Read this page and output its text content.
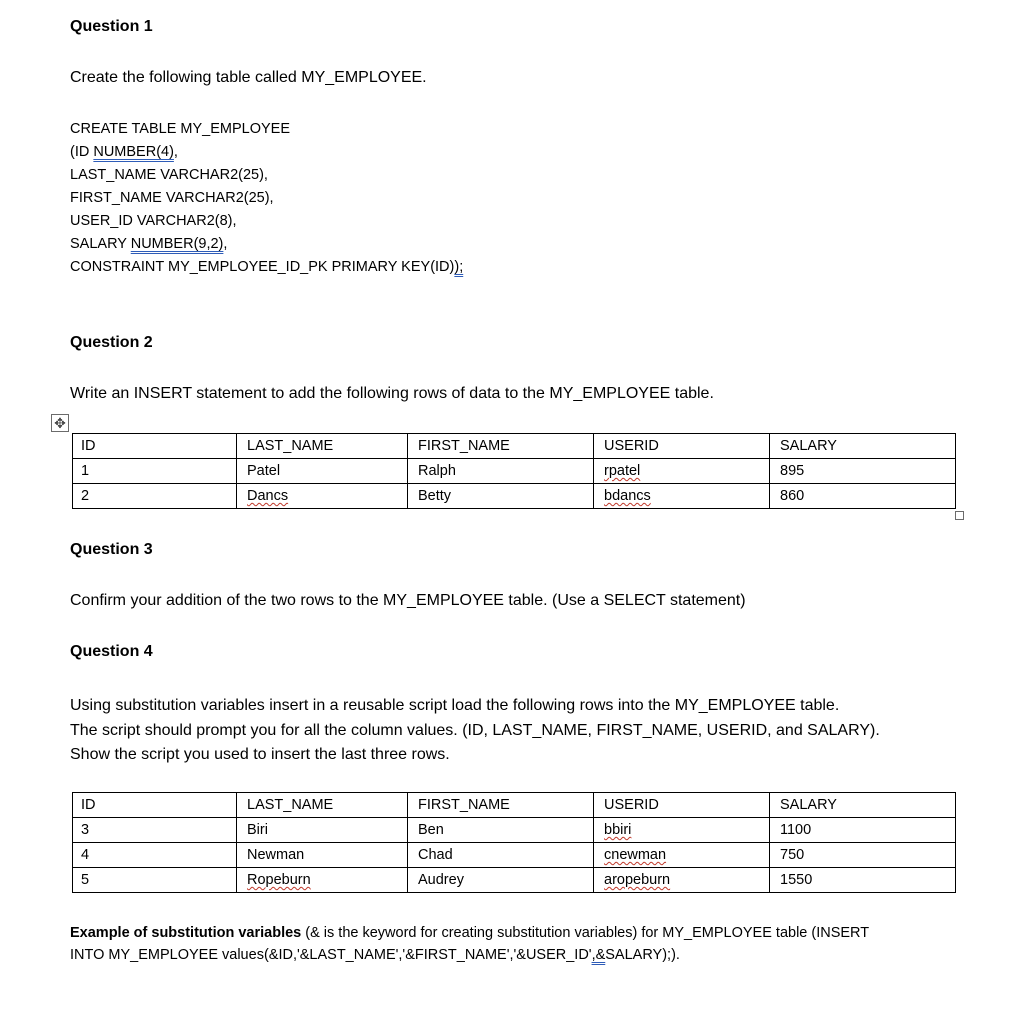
Question 1
Create the following table called MY_EMPLOYEE.
CREATE TABLE MY_EMPLOYEE
(ID NUMBER(4),
LAST_NAME VARCHAR2(25),
FIRST_NAME VARCHAR2(25),
USER_ID VARCHAR2(8),
SALARY NUMBER(9,2),
CONSTRAINT MY_EMPLOYEE_ID_PK PRIMARY KEY(ID));
Question 2
Write an INSERT statement to add the following rows of data to the MY_EMPLOYEE table.
✥
ID	LAST_NAME	FIRST_NAME	USERID	SALARY
1	Patel	Ralph	rpatel	895
2	Dancs	Betty	bdancs	860
Question 3
Confirm your addition of the two rows to the MY_EMPLOYEE table. (Use a SELECT statement)
Question 4
Using substitution variables insert in a reusable script load the following rows into the MY_EMPLOYEE table.
The script should prompt you for all the column values. (ID, LAST_NAME, FIRST_NAME, USERID, and SALARY).
Show the script you used to insert the last three rows.
ID	LAST_NAME	FIRST_NAME	USERID	SALARY
3	Biri	Ben	bbiri	1100
4	Newman	Chad	cnewman	750
5	Ropeburn	Audrey	aropeburn	1550
Example of substitution variables (& is the keyword for creating substitution variables) for MY_EMPLOYEE table (INSERT
INTO MY_EMPLOYEE values(&ID,'&LAST_NAME','&FIRST_NAME','&USER_ID',&SALARY);).
